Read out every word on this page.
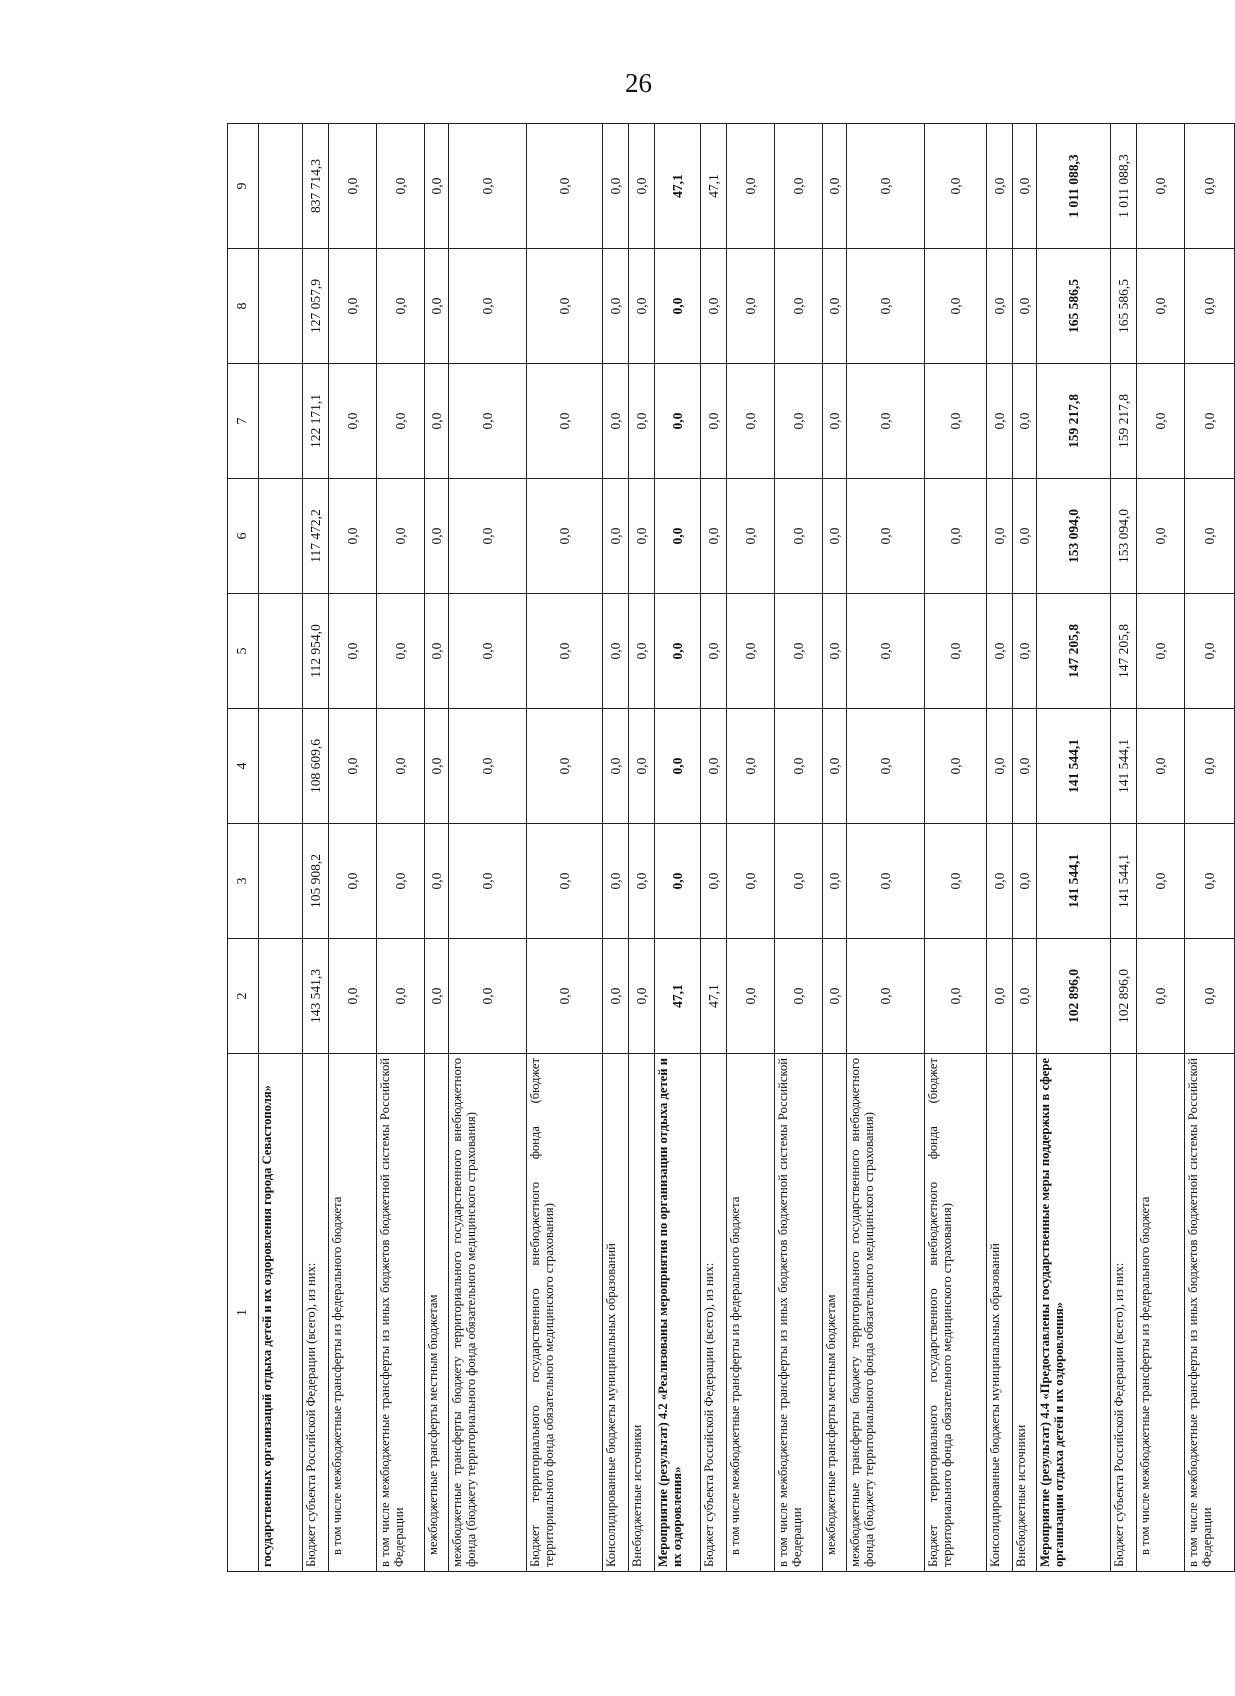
26
1	2	3	4	5	6	7	8	9
государственных организаций отдыха детей и их оздоровления города Севастополя»								
Бюджет субъекта Российской Федерации (всего), из них:	143 541,3	105 908,2	108 609,6	112 954,0	117 472,2	122 171,1	127 057,9	837 714,3
в том числе межбюджетные трансферты из федерального бюджета	0,0	0,0	0,0	0,0	0,0	0,0	0,0	0,0
в том числе межбюджетные трансферты из иных бюджетов бюджетной системы Российской Федерации	0,0	0,0	0,0	0,0	0,0	0,0	0,0	0,0
межбюджетные трансферты местным бюджетам	0,0	0,0	0,0	0,0	0,0	0,0	0,0	0,0
межбюджетные трансферты бюджету территориального государственного внебюджетного фонда (бюджету территориального фонда обязательного медицинского страхования)	0,0	0,0	0,0	0,0	0,0	0,0	0,0	0,0
Бюджет территориального государственного внебюджетного фонда (бюджет территориального фонда обязательного медицинского страхования)	0,0	0,0	0,0	0,0	0,0	0,0	0,0	0,0
Консолидированные бюджеты муниципальных образований	0,0	0,0	0,0	0,0	0,0	0,0	0,0	0,0
Внебюджетные источники	0,0	0,0	0,0	0,0	0,0	0,0	0,0	0,0
Мероприятие (результат) 4.2 «Реализованы мероприятия по организации отдыха детей и их оздоровления»	47,1	0,0	0,0	0,0	0,0	0,0	0,0	47,1
Бюджет субъекта Российской Федерации (всего), из них:	47,1	0,0	0,0	0,0	0,0	0,0	0,0	47,1
в том числе межбюджетные трансферты из федерального бюджета	0,0	0,0	0,0	0,0	0,0	0,0	0,0	0,0
в том числе межбюджетные трансферты из иных бюджетов бюджетной системы Российской Федерации	0,0	0,0	0,0	0,0	0,0	0,0	0,0	0,0
межбюджетные трансферты местным бюджетам	0,0	0,0	0,0	0,0	0,0	0,0	0,0	0,0
межбюджетные трансферты бюджету территориального государственного внебюджетного фонда (бюджету территориального фонда обязательного медицинского страхования)	0,0	0,0	0,0	0,0	0,0	0,0	0,0	0,0
Бюджет территориального государственного внебюджетного фонда (бюджет территориального фонда обязательного медицинского страхования)	0,0	0,0	0,0	0,0	0,0	0,0	0,0	0,0
Консолидированные бюджеты муниципальных образований	0,0	0,0	0,0	0,0	0,0	0,0	0,0	0,0
Внебюджетные источники	0,0	0,0	0,0	0,0	0,0	0,0	0,0	0,0
Мероприятие (результат) 4.4 «Предоставлены государственные меры поддержки в сфере организации отдыха детей и их оздоровления»	102 896,0	141 544,1	141 544,1	147 205,8	153 094,0	159 217,8	165 586,5	1 011 088,3
Бюджет субъекта Российской Федерации (всего), из них:	102 896,0	141 544,1	141 544,1	147 205,8	153 094,0	159 217,8	165 586,5	1 011 088,3
в том числе межбюджетные трансферты из федерального бюджета	0,0	0,0	0,0	0,0	0,0	0,0	0,0	0,0
в том числе межбюджетные трансферты из иных бюджетов бюджетной системы Российской Федерации	0,0	0,0	0,0	0,0	0,0	0,0	0,0	0,0
